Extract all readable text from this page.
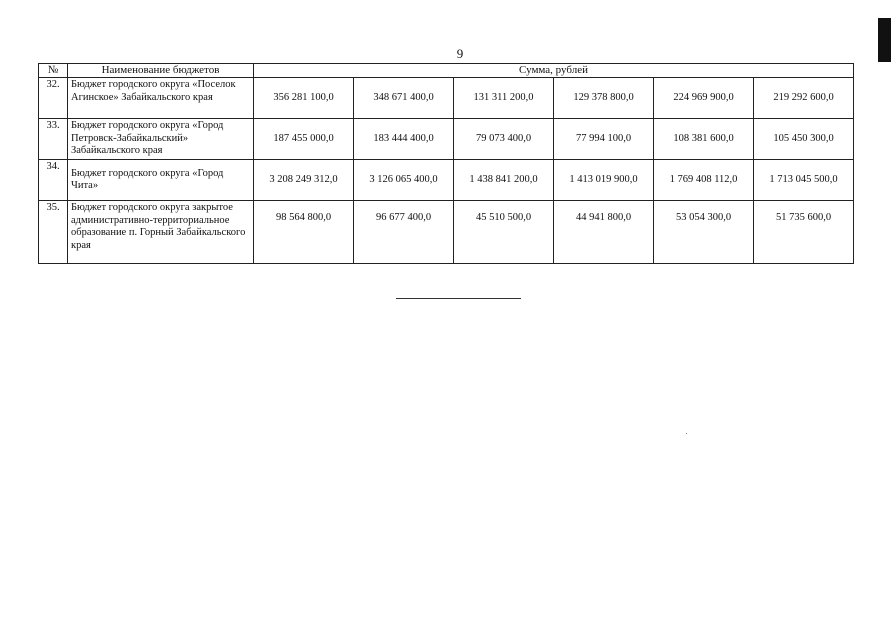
9
№	Наименование бюджетов	Сумма, рублей					
32.	Бюджет городского округа «Поселок Агинское» Забайкальского края	356 281 100,0	348 671 400,0	131 311 200,0	129 378 800,0	224 969 900,0	219 292 600,0
33.	Бюджет городского округа «Город Петровск-Забайкальский» Забайкальского края	187 455 000,0	183 444 400,0	79 073 400,0	77 994 100,0	108 381 600,0	105 450 300,0
34.	Бюджет городского округа «Город Чита»	3 208 249 312,0	3 126 065 400,0	1 438 841 200,0	1 413 019 900,0	1 769 408 112,0	1 713 045 500,0
35.	Бюджет городского округа закрытое административно-территориальное образование п. Горный Забайкальского края	98 564 800,0	96 677 400,0	45 510 500,0	44 941 800,0	53 054 300,0	51 735 600,0
